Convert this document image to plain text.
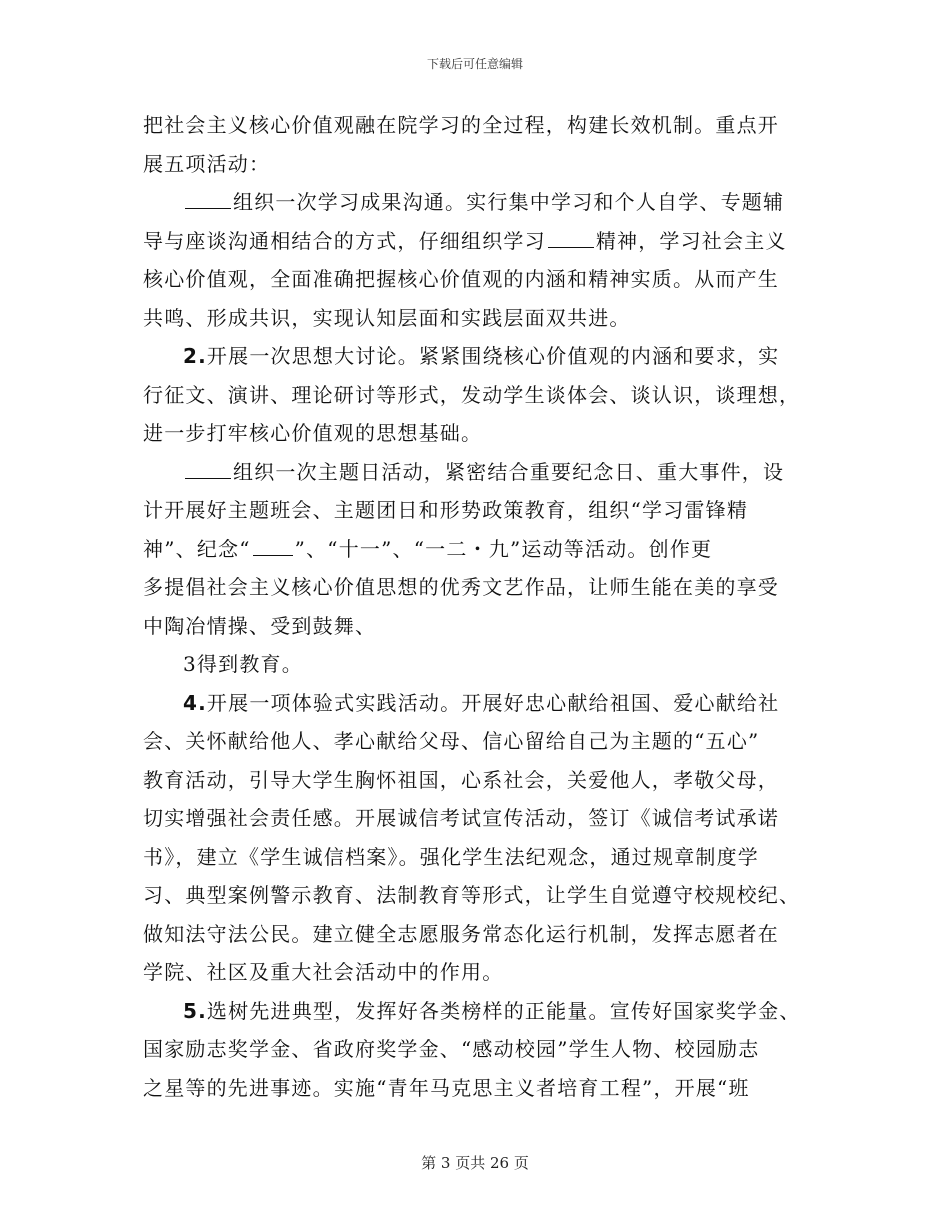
下载后可任意编辑
把社会主义核心价值观融在院学习的全过程，构建长效机制。重点开
展五项活动：
组织一次学习成果沟通。实行集中学习和个人自学、专题辅
导与座谈沟通相结合的方式，仔细组织学习	精神，学习社会主义
核心价值观，全面准确把握核心价值观的内涵和精神实质。从而产生
共鸣、形成共识，实现认知层面和实践层面双共进。
2.开展一次思想大讨论。紧紧围绕核心价值观的内涵和要求，实
行征文、演讲、理论研讨等形式，发动学生谈体会、谈认识，谈理想，
进一步打牢核心价值观的思想基础。
组织一次主题日活动，紧密结合重要纪念日、重大事件，设
计开展好主题班会、主题团日和形势政策教育，组织“学习雷锋精
神”、纪念“ ”、“十一”、“一二・九”运动等活动。创作更
多提倡社会主义核心价值思想的优秀文艺作品，让师生能在美的享受
中陶冶情操、受到鼓舞、
3得到教育。
4.开展一项体验式实践活动。开展好忠心献给祖国、爱心献给社
会、关怀献给他人、孝心献给父母、信心留给自己为主题的“五心”
教育活动，引导大学生胸怀祖国，心系社会，关爱他人，孝敬父母，
切实增强社会责任感。开展诚信考试宣传活动，签订《诚信考试承诺
书》，建立《学生诚信档案》。强化学生法纪观念，通过规章制度学
习、典型案例警示教育、法制教育等形式，让学生自觉遵守校规校纪、
做知法守法公民。建立健全志愿服务常态化运行机制，发挥志愿者在
学院、社区及重大社会活动中的作用。
5.选树先进典型，发挥好各类榜样的正能量。宣传好国家奖学金、
国家励志奖学金、省政府奖学金、“感动校园”学生人物、校园励志
之星等的先进事迹。实施“青年马克思主义者培育工程”，开展“班
第 3 页共 26 页
